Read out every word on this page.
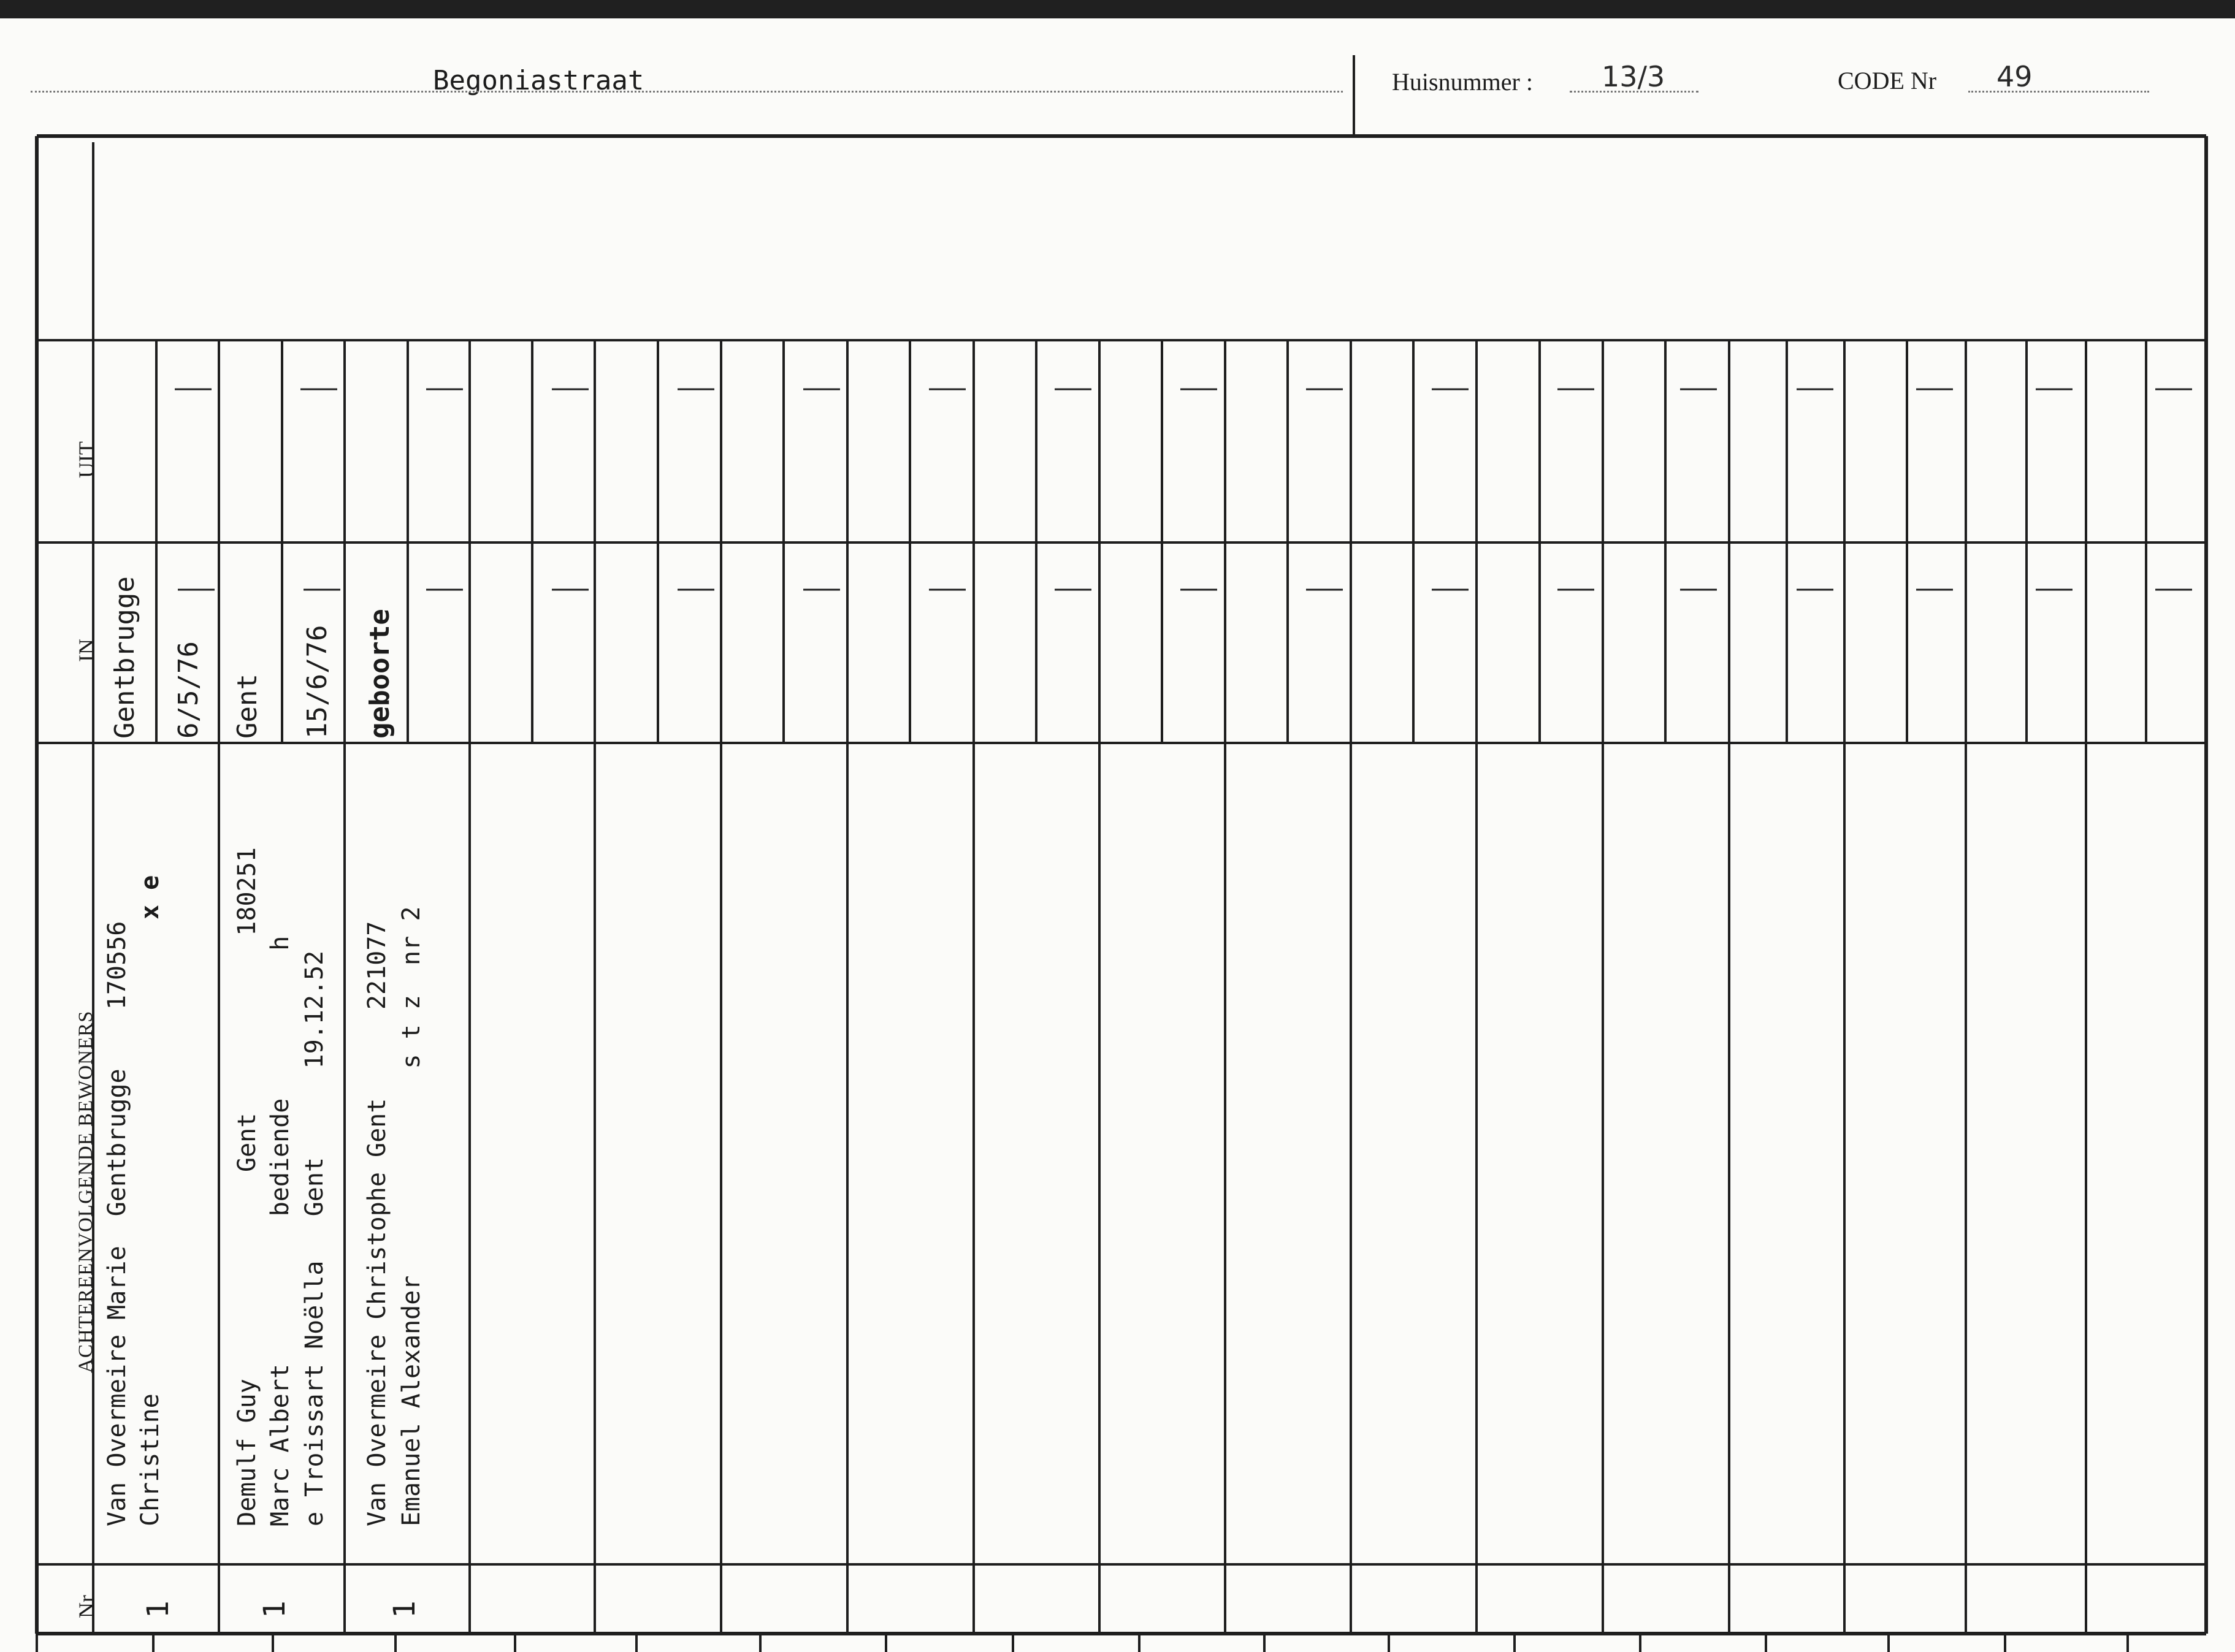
Begoniastraat	Huisnummer : 13/3	CODE Nr 49
UIT
IN
ACHTEREENVOLGENDE BEWONERS
Nr
Gentbrugge 6/5/76
Van Overmeire Marie  Gentbrugge    170556 Christine
x e
1
Gent 15/6/76
Demulf Guy              Gent            180251 Marc Albert          bediende          h e Troissart Noëlla   Gent      19.12.52
1
geboorte
Van Overmeire Christophe Gent      221077 Emanuel Alexander              s t z  nr 2
1
